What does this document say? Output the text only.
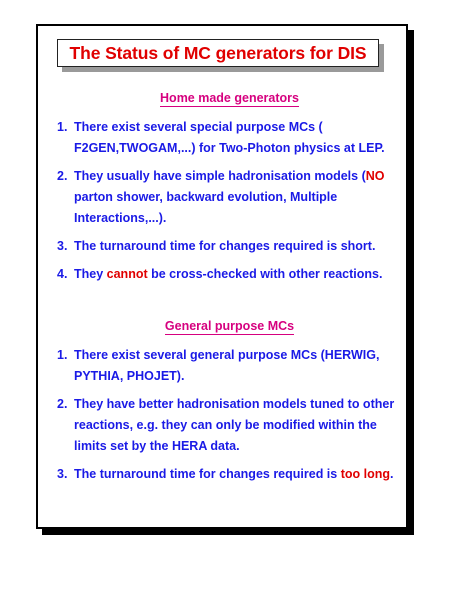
The Status of MC generators for DIS
Home made generators
1. There exist several special purpose MCs ( F2GEN,TWOGAM,...) for Two-Photon physics at LEP.
2. They usually have simple hadronisation models (NO parton shower, backward evolution, Multiple Interactions,...).
3. The turnaround time for changes required is short.
4. They cannot be cross-checked with other reactions.
General purpose MCs
1. There exist several general purpose MCs (HERWIG, PYTHIA, PHOJET).
2. They have better hadronisation models tuned to other reactions, e.g. they can only be modified within the limits set by the HERA data.
3. The turnaround time for changes required is too long.
